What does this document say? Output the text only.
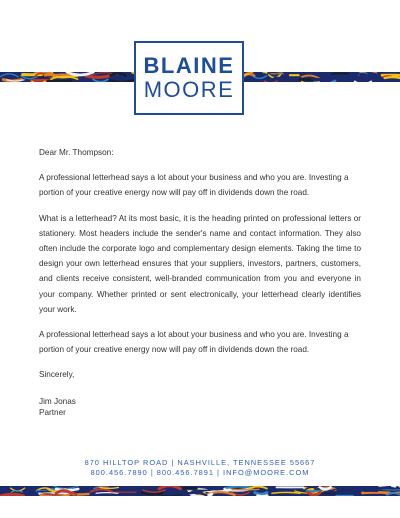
BLAINE
MOORE

Dear Mr. Thompson:

A professional letterhead says a lot about your business and who you are. Investing a portion of your creative energy now will pay off in dividends down the road.

What is a letterhead? At its most basic, it is the heading printed on professional letters or stationery. Most headers include the sender's name and contact information. They also often include the corporate logo and complementary design elements. Taking the time to design your own letterhead ensures that your suppliers, investors, partners, customers, and clients receive consistent, well-branded communication from you and everyone in your company. Whether printed or sent electronically, your letterhead clearly identifies your work.

A professional letterhead says a lot about your business and who you are. Investing a portion of your creative energy now will pay off in dividends down the road.

Sincerely,

Jim Jonas

Partner

870 HILLTOP ROAD | NASHVILLE, TENNESSEE 55667
800.456.7890 | 800.456.7891 | INFO@MOORE.COM
